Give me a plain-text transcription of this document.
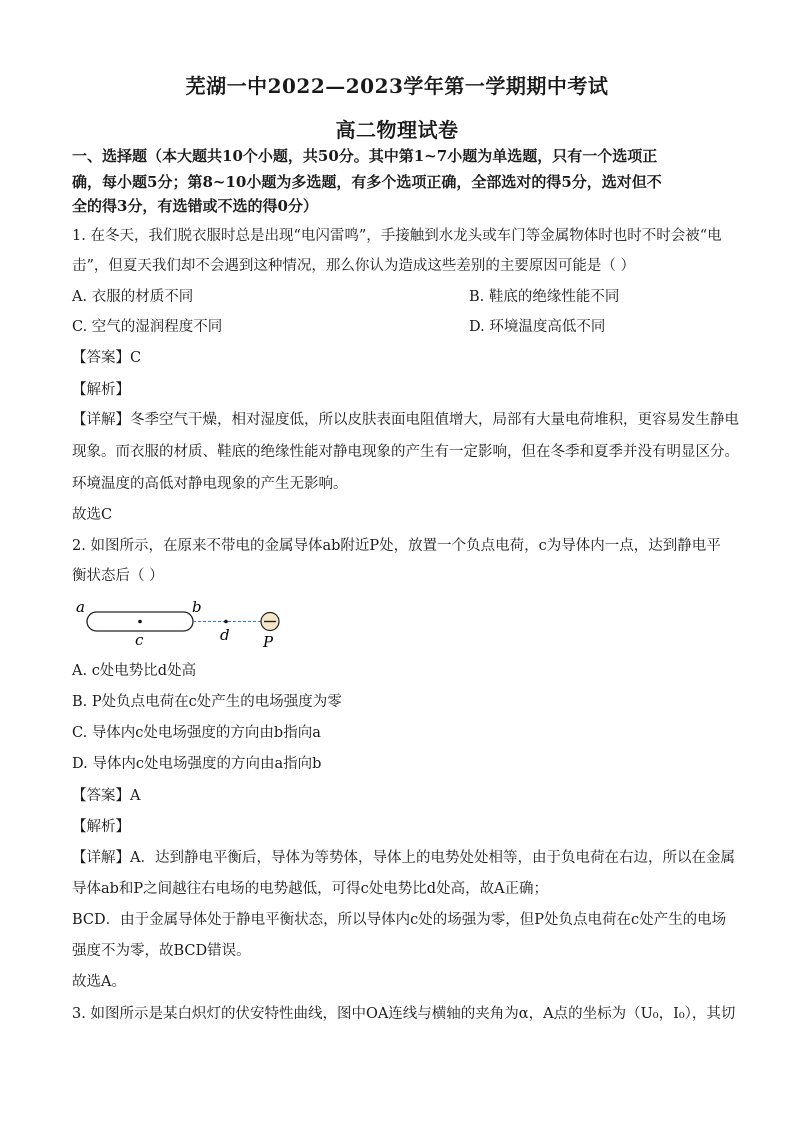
芜湖一中2022—2023学年第一学期期中考试
高二物理试卷
一、选择题（本大题共10个小题，共50分。其中第1~7小题为单选题，只有一个选项正
确，每小题5分；第8~10小题为多选题，有多个选项正确，全部选对的得5分，选对但不
全的得3分，有选错或不选的得0分）
1. 在冬天，我们脱衣服时总是出现“电闪雷鸣”，手接触到水龙头或车门等金属物体时也时不时会被“电
击”，但夏天我们却不会遇到这种情况，那么你认为造成这些差别的主要原因可能是（ ）
A. 衣服的材质不同	B. 鞋底的绝缘性能不同
C. 空气的湿润程度不同	D. 环境温度高低不同
【答案】C
【解析】
【详解】冬季空气干燥，相对湿度低，所以皮肤表面电阻值增大，局部有大量电荷堆积，更容易发生静电
现象。而衣服的材质、鞋底的绝缘性能对静电现象的产生有一定影响，但在冬季和夏季并没有明显区分。
环境温度的高低对静电现象的产生无影响。
故选C
2. 如图所示，在原来不带电的金属导体ab附近P处，放置一个负点电荷，c为导体内一点，达到静电平
衡状态后（ ）
a	b
c	d P
A. c处电势比d处高
B. P处负点电荷在c处产生的电场强度为零
C. 导体内c处电场强度的方向由b指向a
D. 导体内c处电场强度的方向由a指向b
【答案】A
【解析】
【详解】A．达到静电平衡后，导体为等势体，导体上的电势处处相等，由于负电荷在右边，所以在金属
导体ab和P之间越往右电场的电势越低，可得c处电势比d处高，故A正确；
BCD．由于金属导体处于静电平衡状态，所以导体内c处的场强为零，但P处负点电荷在c处产生的电场
强度不为零，故BCD错误。
故选A。
3. 如图所示是某白炽灯的伏安特性曲线，图中OA连线与横轴的夹角为α，A点的坐标为（U₀，I₀），其切
